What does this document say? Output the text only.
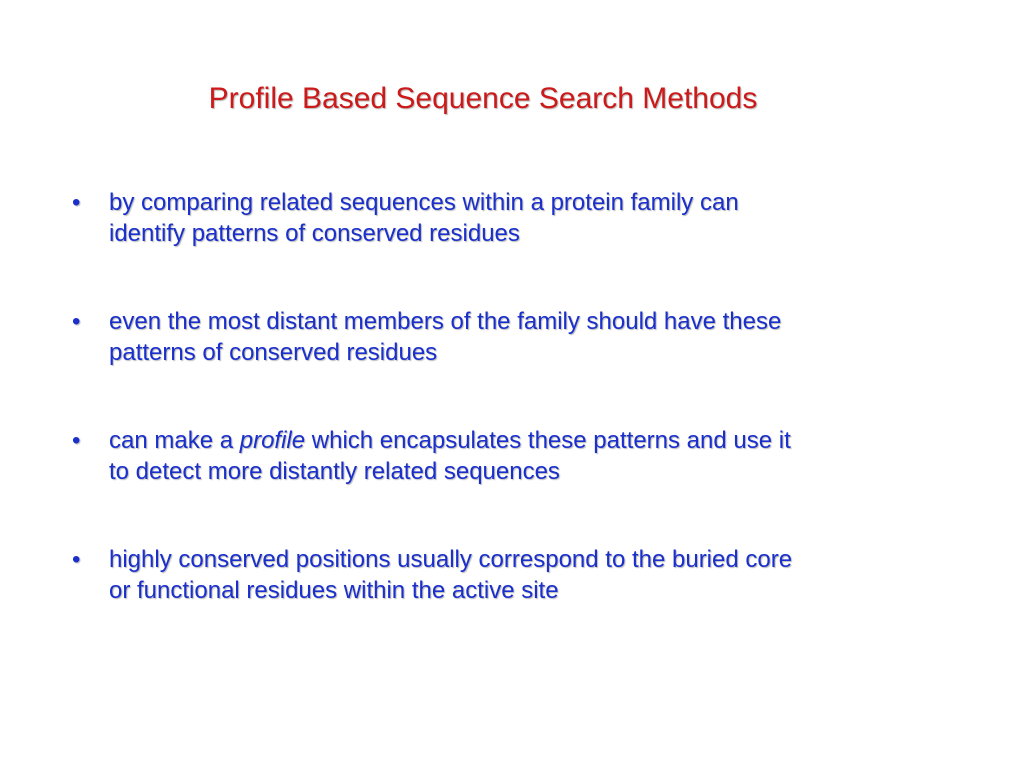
Profile Based Sequence Search Methods
•	by comparing related sequences within a protein family can
identify patterns of conserved residues
•	even the most distant members of the family should have these
patterns of conserved residues
•	can make a profile which encapsulates these patterns and use it
to detect more distantly related sequences
•	highly conserved positions usually correspond to the buried core
or functional residues within the active site
